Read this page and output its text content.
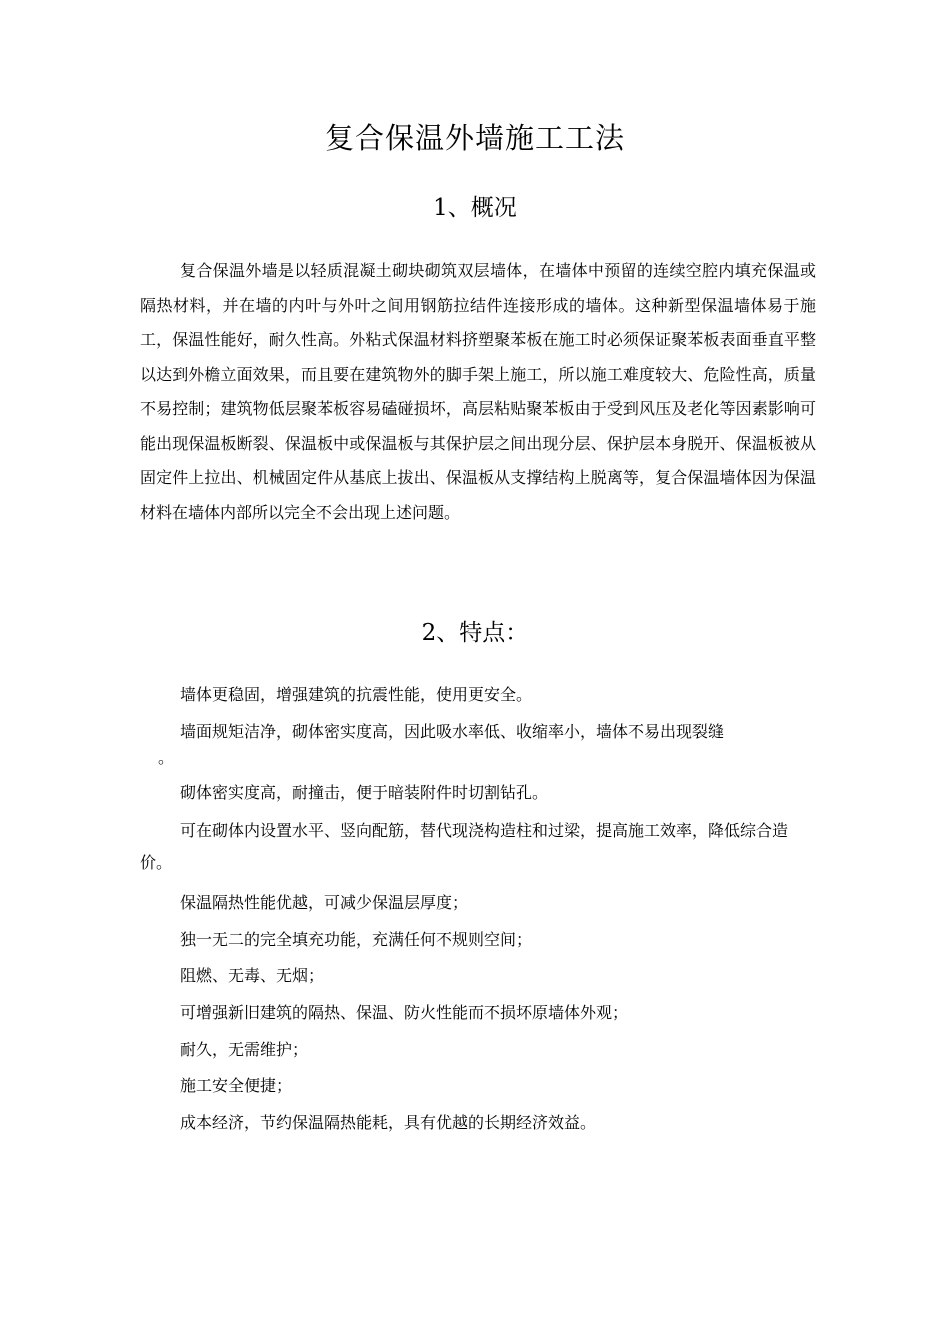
复合保温外墙施工工法
1、概况

复合保温外墙是以轻质混凝土砌块砌筑双层墙体，在墙体中预留的连续空腔内填充保温或隔热材料，并在墙的内叶与外叶之间用钢筋拉结件连接形成的墙体。这种新型保温墙体易于施工，保温性能好，耐久性高。外粘式保温材料挤塑聚苯板在施工时必须保证聚苯板表面垂直平整以达到外檐立面效果，而且要在建筑物外的脚手架上施工，所以施工难度较大、危险性高，质量不易控制；建筑物低层聚苯板容易磕碰损坏，高层粘贴聚苯板由于受到风压及老化等因素影响可能出现保温板断裂、保温板中或保温板与其保护层之间出现分层、保护层本身脱开、保温板被从固定件上拉出、机械固定件从基底上拔出、保温板从支撑结构上脱离等，复合保温墙体因为保温材料在墙体内部所以完全不会出现上述问题。

2、特点：

墙体更稳固，增强建筑的抗震性能，使用更安全。

墙面规矩洁净，砌体密实度高，因此吸水率低、收缩率小，墙体不易出现裂缝

。

砌体密实度高，耐撞击，便于暗装附件时切割钻孔。

可在砌体内设置水平、竖向配筋，替代现浇构造柱和过梁，提高施工效率，降低综合造价。

保温隔热性能优越，可减少保温层厚度；

独一无二的完全填充功能，充满任何不规则空间；

阻燃、无毒、无烟；

可增强新旧建筑的隔热、保温、防火性能而不损坏原墙体外观；

耐久，无需维护；

施工安全便捷；

成本经济，节约保温隔热能耗，具有优越的长期经济效益。
